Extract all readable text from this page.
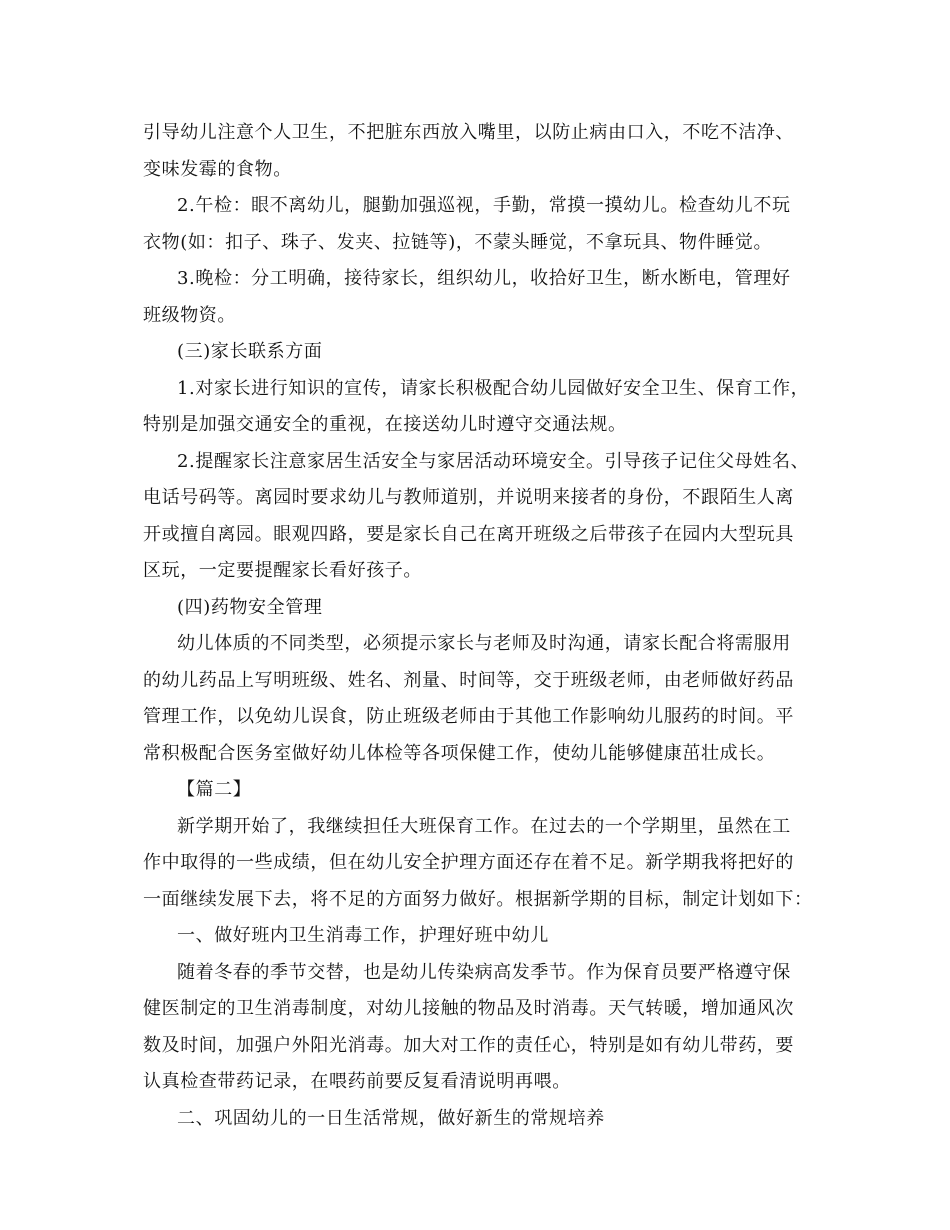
引导幼儿注意个人卫生，不把脏东西放入嘴里，以防止病由口入，不吃不洁净、
变味发霉的食物。
2.午检：眼不离幼儿，腿勤加强巡视，手勤，常摸一摸幼儿。检查幼儿不玩
衣物(如：扣子、珠子、发夹、拉链等)，不蒙头睡觉，不拿玩具、物件睡觉。
3.晚检：分工明确，接待家长，组织幼儿，收拾好卫生，断水断电，管理好
班级物资。
(三)家长联系方面
1.对家长进行知识的宣传，请家长积极配合幼儿园做好安全卫生、保育工作，
特别是加强交通安全的重视，在接送幼儿时遵守交通法规。
2.提醒家长注意家居生活安全与家居活动环境安全。引导孩子记住父母姓名、
电话号码等。离园时要求幼儿与教师道别，并说明来接者的身份，不跟陌生人离
开或擅自离园。眼观四路，要是家长自己在离开班级之后带孩子在园内大型玩具
区玩，一定要提醒家长看好孩子。
(四)药物安全管理
幼儿体质的不同类型，必须提示家长与老师及时沟通，请家长配合将需服用
的幼儿药品上写明班级、姓名、剂量、时间等，交于班级老师，由老师做好药品
管理工作，以免幼儿误食，防止班级老师由于其他工作影响幼儿服药的时间。平
常积极配合医务室做好幼儿体检等各项保健工作，使幼儿能够健康茁壮成长。
【篇二】
新学期开始了，我继续担任大班保育工作。在过去的一个学期里，虽然在工
作中取得的一些成绩，但在幼儿安全护理方面还存在着不足。新学期我将把好的
一面继续发展下去，将不足的方面努力做好。根据新学期的目标，制定计划如下：
一、做好班内卫生消毒工作，护理好班中幼儿
随着冬春的季节交替，也是幼儿传染病高发季节。作为保育员要严格遵守保
健医制定的卫生消毒制度，对幼儿接触的物品及时消毒。天气转暖，增加通风次
数及时间，加强户外阳光消毒。加大对工作的责任心，特别是如有幼儿带药，要
认真检查带药记录，在喂药前要反复看清说明再喂。
二、巩固幼儿的一日生活常规，做好新生的常规培养
